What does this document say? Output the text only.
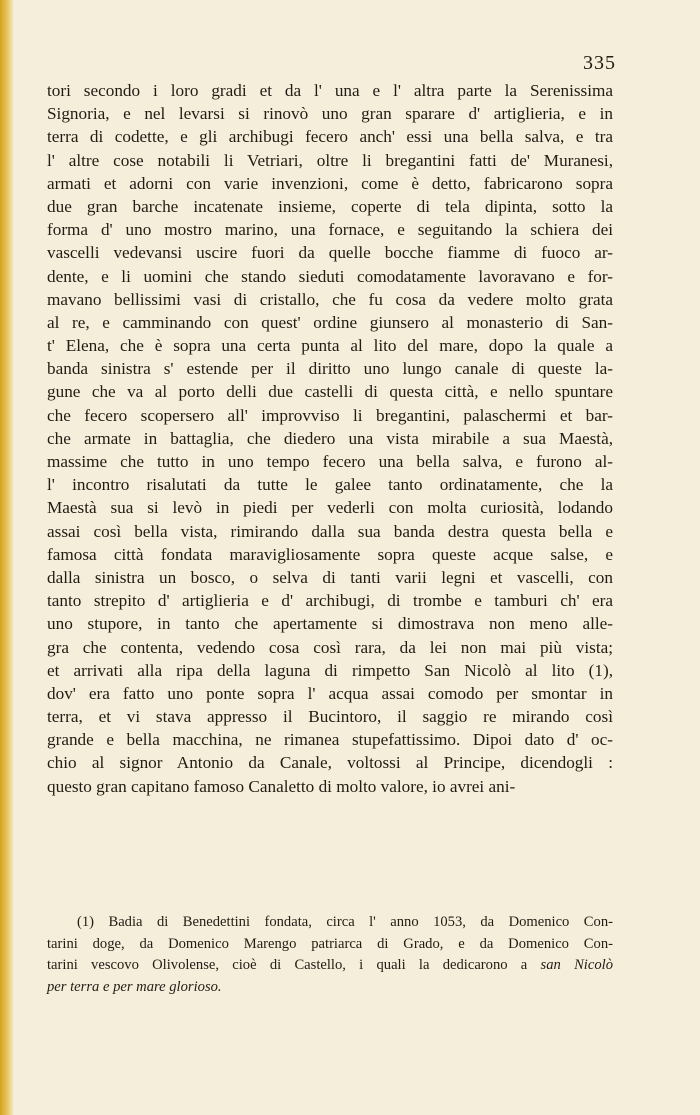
335
tori secondo i loro gradi et da l' una e l' altra parte la Serenissima
Signoria, e nel levarsi si rinovò uno gran sparare d' artiglieria, e in
terra di codette, e gli archibugi fecero anch' essi una bella salva, e tra
l' altre cose notabili li Vetriari, oltre li bregantini fatti de' Muranesi,
armati et adorni con varie invenzioni, come è detto, fabricarono sopra
due gran barche incatenate insieme, coperte di tela dipinta, sotto la
forma d' uno mostro marino, una fornace, e seguitando la schiera dei
vascelli vedevansi uscire fuori da quelle bocche fiamme di fuoco ar-
dente, e li uomini che stando sieduti comodatamente lavoravano e for-
mavano bellissimi vasi di cristallo, che fu cosa da vedere molto grata
al re, e camminando con quest' ordine giunsero al monasterio di San-
t' Elena, che è sopra una certa punta al lito del mare, dopo la quale a
banda sinistra s' estende per il diritto uno lungo canale di queste la-
gune che va al porto delli due castelli di questa città, e nello spuntare
che fecero scopersero all' improvviso li bregantini, palaschermi et bar-
che armate in battaglia, che diedero una vista mirabile a sua Maestà,
massime che tutto in uno tempo fecero una bella salva, e furono al-
l' incontro risalutati da tutte le galee tanto ordinatamente, che la
Maestà sua si levò in piedi per vederli con molta curiosità, lodando
assai così bella vista, rimirando dalla sua banda destra questa bella e
famosa città fondata maravigliosamente sopra queste acque salse, e
dalla sinistra un bosco, o selva di tanti varii legni et vascelli, con
tanto strepito d' artiglieria e d' archibugi, di trombe e tamburi ch' era
uno stupore, in tanto che apertamente si dimostrava non meno alle-
gra che contenta, vedendo cosa così rara, da lei non mai più vista;
et arrivati alla ripa della laguna di rimpetto San Nicolò al lito (1),
dov' era fatto uno ponte sopra l' acqua assai comodo per smontar in
terra, et vi stava appresso il Bucintoro, il saggio re mirando così
grande e bella macchina, ne rimanea stupefattissimo. Dipoi dato d' oc-
chio al signor Antonio da Canale, voltossi al Principe, dicendogli :
questo gran capitano famoso Canaletto di molto valore, io avrei ani-
(1) Badia di Benedettini fondata, circa l' anno 1053, da Domenico Con-
tarini doge, da Domenico Marengo patriarca di Grado, e da Domenico Con-
tarini vescovo Olivolense, cioè di Castello, i quali la dedicarono a san Nicolò
per terra e per mare glorioso.
